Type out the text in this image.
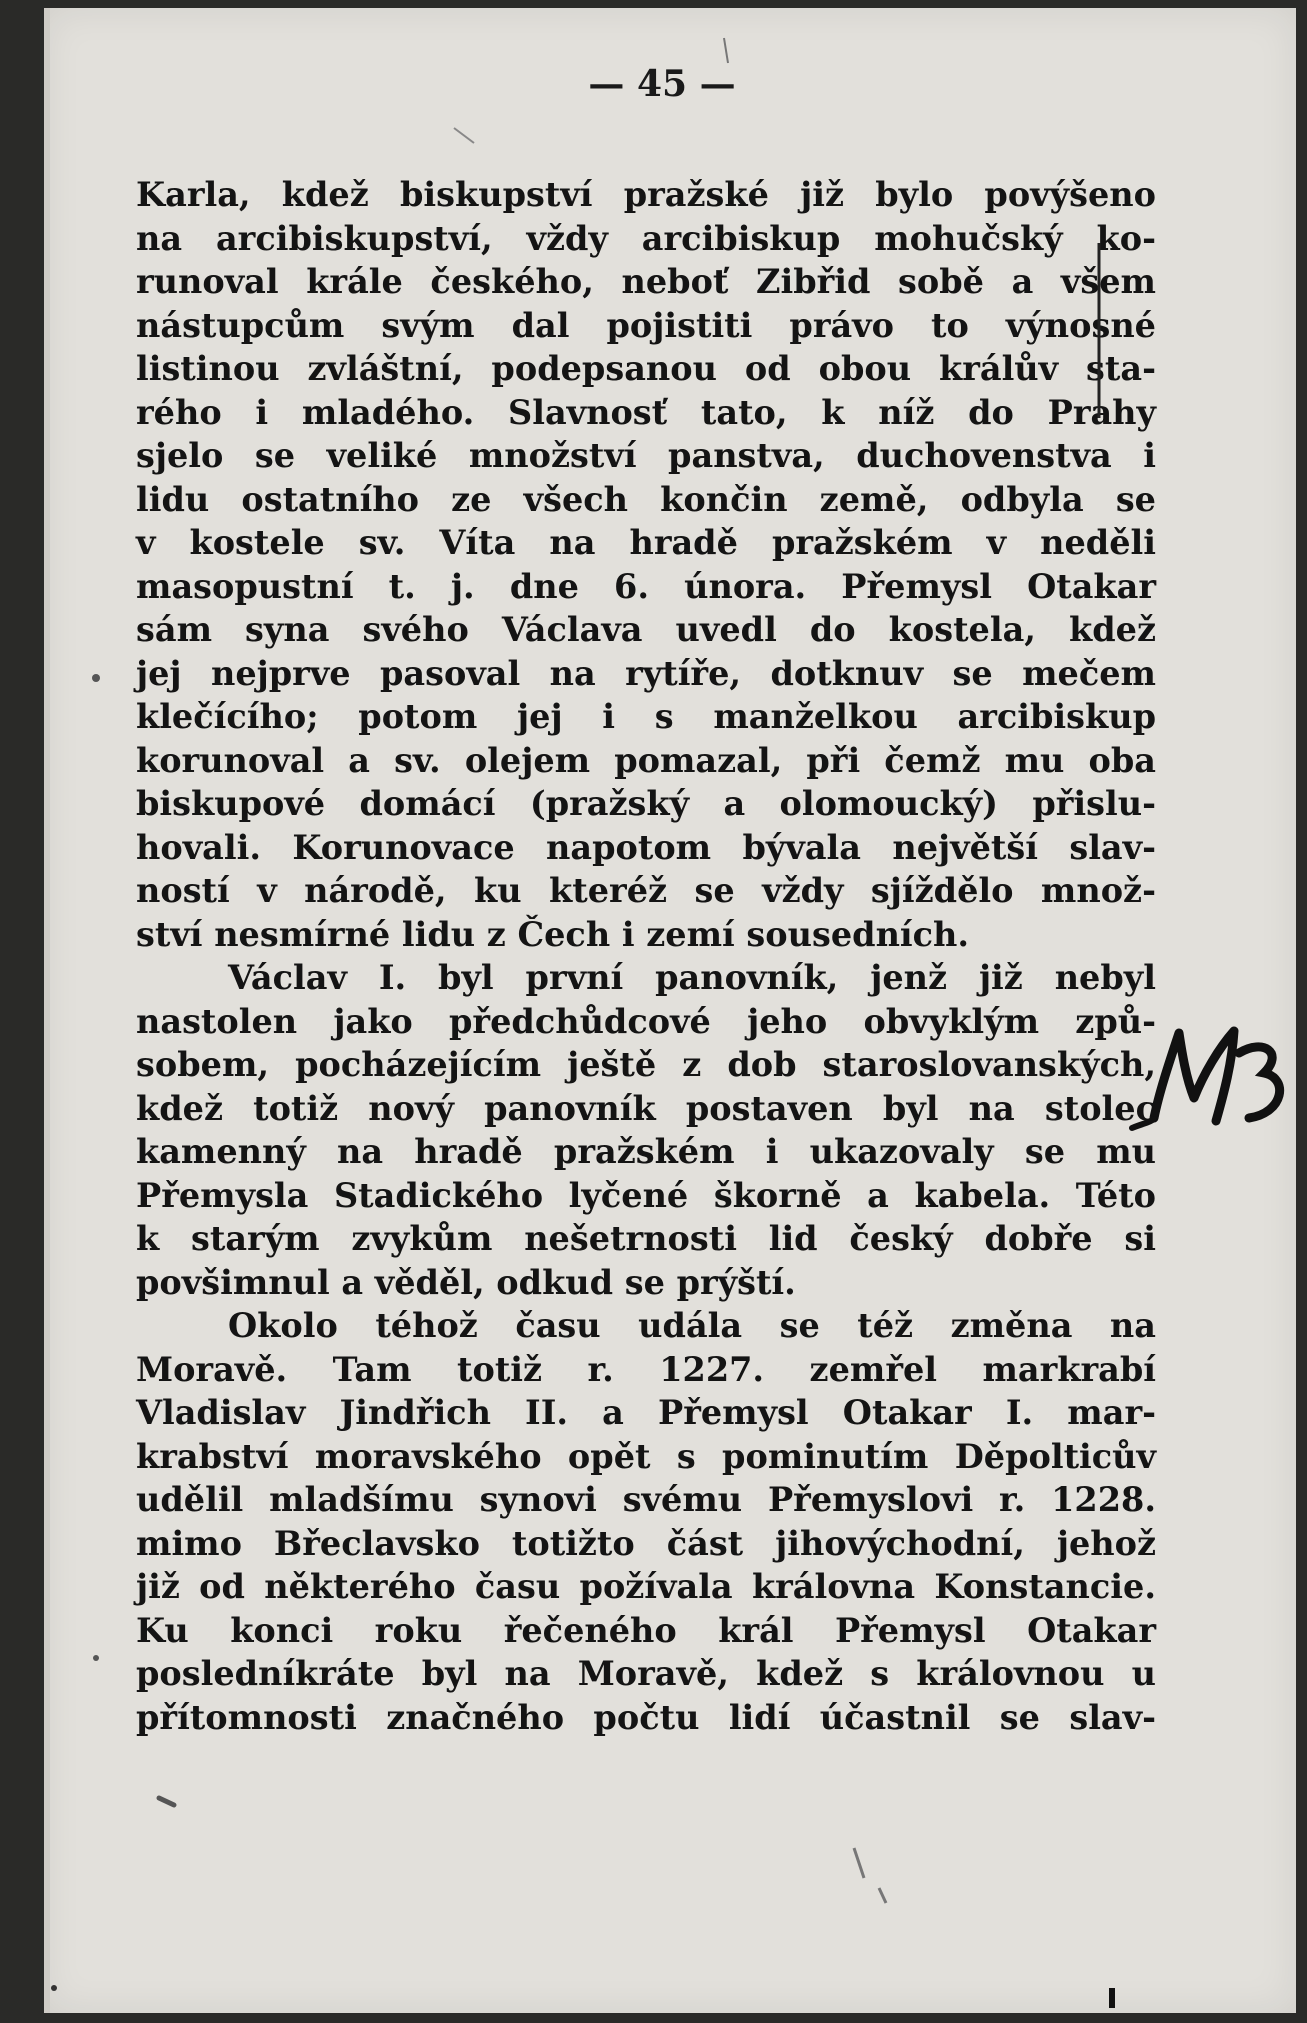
— 45 —
Karla, kdež biskupství pražské již bylo povýšeno
na arcibiskupství, vždy arcibiskup mohučský ko-
runoval krále českého, neboť Zibřid sobě a všem
nástupcům svým dal pojistiti právo to výnosné
listinou zvláštní, podepsanou od obou králův sta-
rého i mladého. Slavnosť tato, k níž do Prahy
sjelo se veliké množství panstva, duchovenstva i
lidu ostatního ze všech končin země, odbyla se
v kostele sv. Víta na hradě pražském v neděli
masopustní t. j. dne 6. února. Přemysl Otakar
sám syna svého Václava uvedl do kostela, kdež
jej nejprve pasoval na rytíře, dotknuv se mečem
klečícího; potom jej i s manželkou arcibiskup
korunoval a sv. olejem pomazal, při čemž mu oba
biskupové domácí (pražský a olomoucký) přislu-
hovali. Korunovace napotom bývala největší slav-
ností v národě, ku kteréž se vždy sjíždělo množ-
ství nesmírné lidu z Čech i zemí sousedních.
Václav I. byl první panovník, jenž již nebyl
nastolen jako předchůdcové jeho obvyklým způ-
sobem, pocházejícím ještě z dob staroslovanských,
kdež totiž nový panovník postaven byl na stolec
kamenný na hradě pražském i ukazovaly se mu
Přemysla Stadického lyčené škorně a kabela. Této
k starým zvykům nešetrnosti lid český dobře si
povšimnul a věděl, odkud se prýští.
Okolo téhož času udála se též změna na
Moravě. Tam totiž r. 1227. zemřel markrabí
Vladislav Jindřich II. a Přemysl Otakar I. mar-
krabství moravského opět s pominutím Děpolticův
udělil mladšímu synovi svému Přemyslovi r. 1228.
mimo Břeclavsko totižto část jihovýchodní, jehož
již od některého času požívala královna Konstancie.
Ku konci roku řečeného král Přemysl Otakar
posledníkráte byl na Moravě, kdež s královnou u
přítomnosti značného počtu lidí účastnil se slav-
